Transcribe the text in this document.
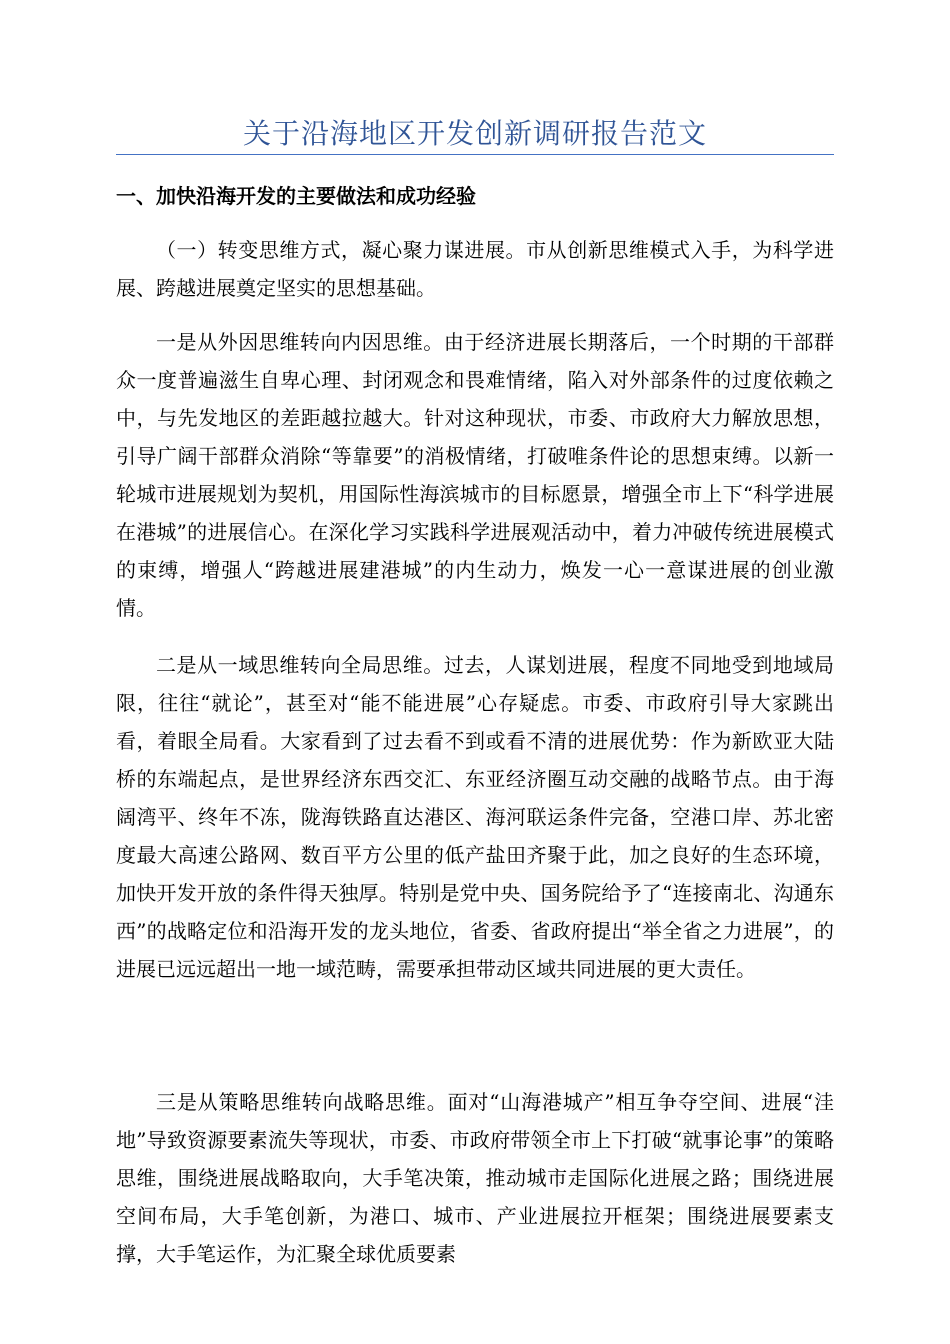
关于沿海地区开发创新调研报告范文
一、加快沿海开发的主要做法和成功经验

（一）转变思维方式，凝心聚力谋进展。市从创新思维模式入手，为科学进展、跨越进展奠定坚实的思想基础。

一是从外因思维转向内因思维。由于经济进展长期落后，一个时期的干部群众一度普遍滋生自卑心理、封闭观念和畏难情绪，陷入对外部条件的过度依赖之中，与先发地区的差距越拉越大。针对这种现状，市委、市政府大力解放思想，引导广阔干部群众消除“等靠要”的消极情绪，打破唯条件论的思想束缚。以新一轮城市进展规划为契机，用国际性海滨城市的目标愿景，增强全市上下“科学进展在港城”的进展信心。在深化学习实践科学进展观活动中，着力冲破传统进展模式的束缚，增强人“跨越进展建港城”的内生动力，焕发一心一意谋进展的创业激情。

二是从一域思维转向全局思维。过去，人谋划进展，程度不同地受到地域局限，往往“就论”，甚至对“能不能进展”心存疑虑。市委、市政府引导大家跳出看，着眼全局看。大家看到了过去看不到或看不清的进展优势：作为新欧亚大陆桥的东端起点，是世界经济东西交汇、东亚经济圈互动交融的战略节点。由于海阔湾平、终年不冻，陇海铁路直达港区、海河联运条件完备，空港口岸、苏北密度最大高速公路网、数百平方公里的低产盐田齐聚于此，加之良好的生态环境，加快开发开放的条件得天独厚。特别是党中央、国务院给予了“连接南北、沟通东西”的战略定位和沿海开发的龙头地位，省委、省政府提出“举全省之力进展”，的进展已远远超出一地一域范畴，需要承担带动区域共同进展的更大责任。

三是从策略思维转向战略思维。面对“山海港城产”相互争夺空间、进展“洼地”导致资源要素流失等现状，市委、市政府带领全市上下打破“就事论事”的策略思维，围绕进展战略取向，大手笔决策，推动城市走国际化进展之路；围绕进展空间布局，大手笔创新，为港口、城市、产业进展拉开框架；围绕进展要素支撑，大手笔运作，为汇聚全球优质要素
